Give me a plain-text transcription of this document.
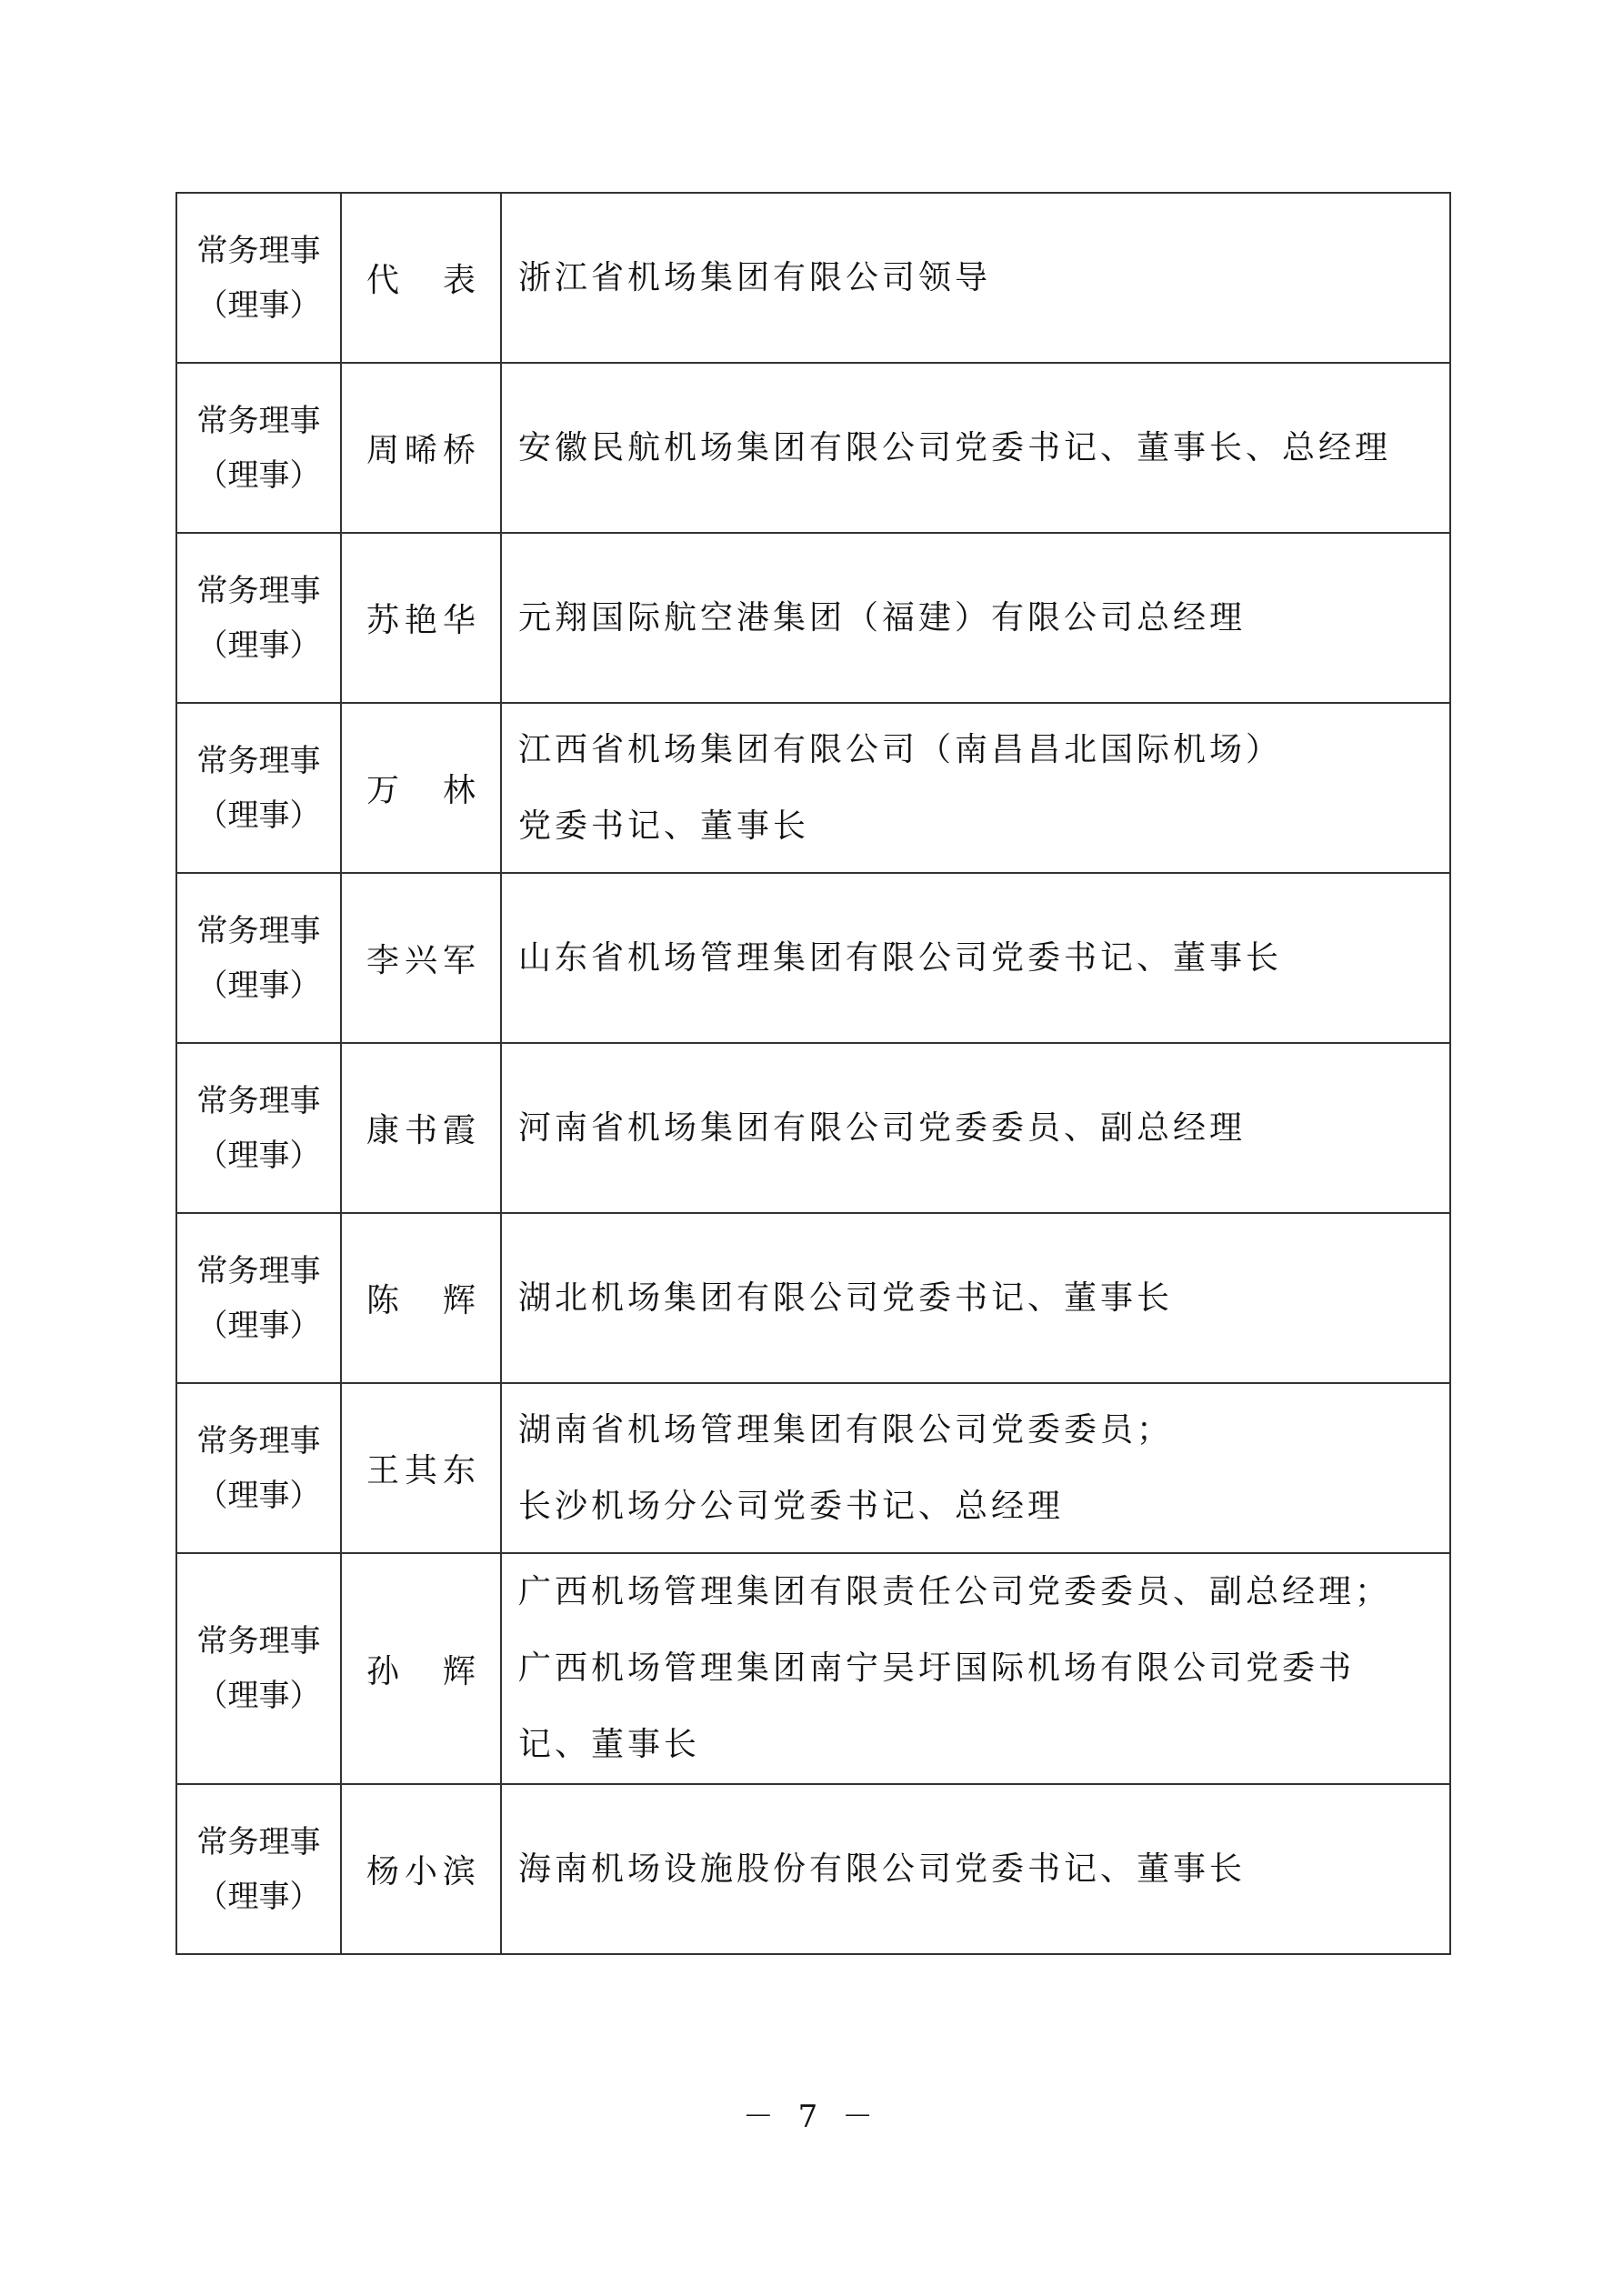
常务理事
（理事）	代表	浙江省机场集团有限公司领导

常务理事
（理事）	周晞桥	安徽民航机场集团有限公司党委书记、董事长、总经理

常务理事
（理事）	苏艳华	元翔国际航空港集团（福建）有限公司总经理

常务理事
（理事）	万林	江西省机场集团有限公司（南昌昌北国际机场）
党委书记、董事长

常务理事
（理事）	李兴军	山东省机场管理集团有限公司党委书记、董事长

常务理事
（理事）	康书霞	河南省机场集团有限公司党委委员、副总经理

常务理事
（理事）	陈辉	湖北机场集团有限公司党委书记、董事长

常务理事
（理事）	王其东	湖南省机场管理集团有限公司党委委员；
长沙机场分公司党委书记、总经理

常务理事
（理事）	孙辉	广西机场管理集团有限责任公司党委委员、副总经理；
广西机场管理集团南宁吴圩国际机场有限公司党委书
记、董事长

常务理事
（理事）	杨小滨	海南机场设施股份有限公司党委书记、董事长
－ 7 －
